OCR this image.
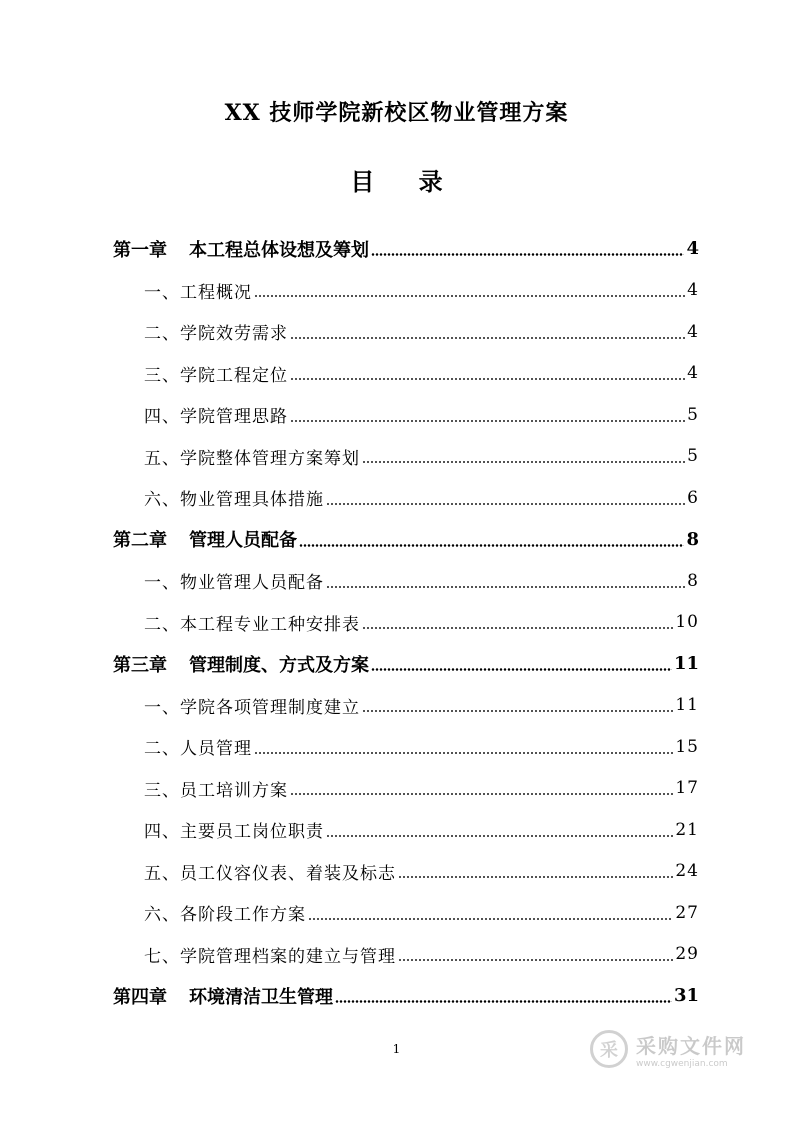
XX 技师学院新校区物业管理方案
目 录
第一章 本工程总体设想及筹划	4
一、工程概况	4
二、学院效劳需求	4
三、学院工程定位	4
四、学院管理思路	5
五、学院整体管理方案筹划	5
六、物业管理具体措施	6
第二章 管理人员配备	8
一、物业管理人员配备	8
二、本工程专业工种安排表	10
第三章 管理制度、方式及方案	11
一、学院各项管理制度建立	11
二、人员管理	15
三、员工培训方案	17
四、主要员工岗位职责	21
五、员工仪容仪表、着装及标志	24
六、各阶段工作方案	27
七、学院管理档案的建立与管理	29
第四章 环境清洁卫生管理	31
1	采 采购文件网
www.cgwenjian.com
